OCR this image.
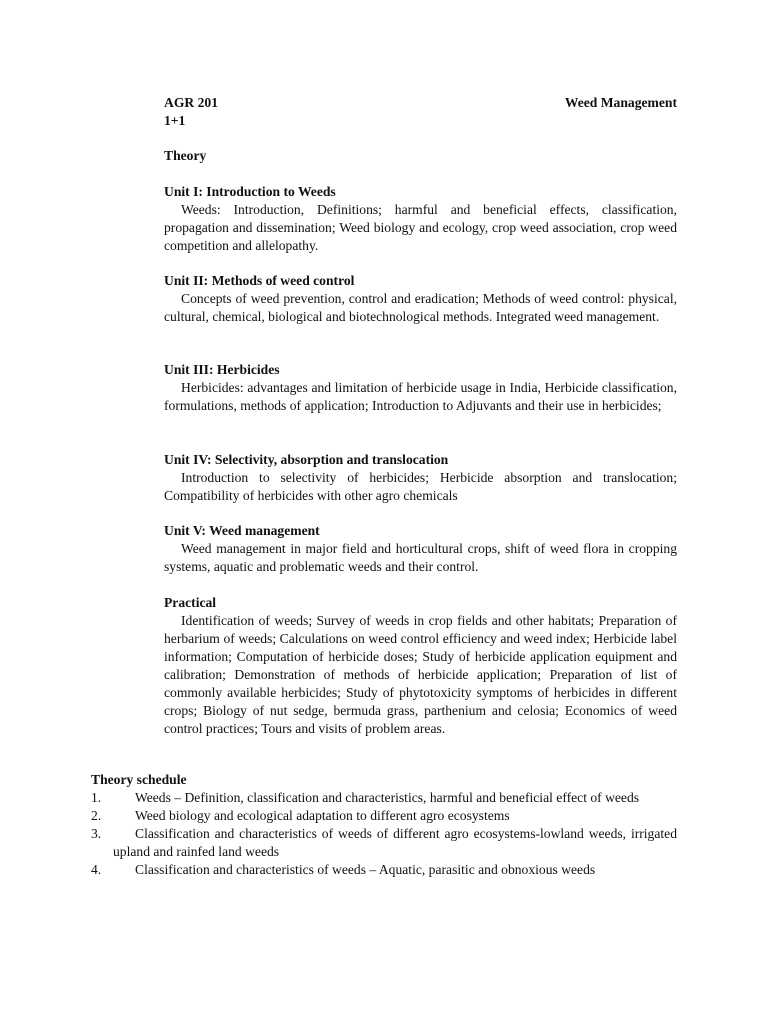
AGR 201	Weed Management
1+1
Theory
Unit I: Introduction to Weeds
Weeds: Introduction, Definitions; harmful and beneficial effects, classification, propagation and dissemination; Weed biology and ecology, crop weed association, crop weed competition and allelopathy.
Unit II: Methods of weed control
Concepts of weed prevention, control and eradication; Methods of weed control: physical, cultural, chemical, biological and biotechnological methods. Integrated weed management.
Unit III: Herbicides
Herbicides: advantages and limitation of herbicide usage in India, Herbicide classification, formulations, methods of application; Introduction to Adjuvants and their use in herbicides;
Unit IV: Selectivity, absorption and translocation
Introduction to selectivity of herbicides; Herbicide absorption and translocation; Compatibility of herbicides with other agro chemicals
Unit V: Weed management
Weed management in major field and horticultural crops, shift of weed flora in cropping systems, aquatic and problematic weeds and their control.
Practical
Identification of weeds; Survey of weeds in crop fields and other habitats; Preparation of herbarium of weeds; Calculations on weed control efficiency and weed index; Herbicide label information; Computation of herbicide doses; Study of herbicide application equipment and calibration; Demonstration of methods of herbicide application; Preparation of list of commonly available herbicides; Study of phytotoxicity symptoms of herbicides in different crops; Biology of nut sedge, bermuda grass, parthenium and celosia; Economics of weed control practices; Tours and visits of problem areas.
Theory schedule
1.	Weeds – Definition, classification and characteristics, harmful and beneficial effect of weeds
2.	Weed biology and ecological adaptation to different agro ecosystems
3.	Classification and characteristics of weeds of different agro ecosystems-lowland weeds, irrigated upland and rainfed land weeds
4.	Classification and characteristics of weeds – Aquatic, parasitic and obnoxious weeds
